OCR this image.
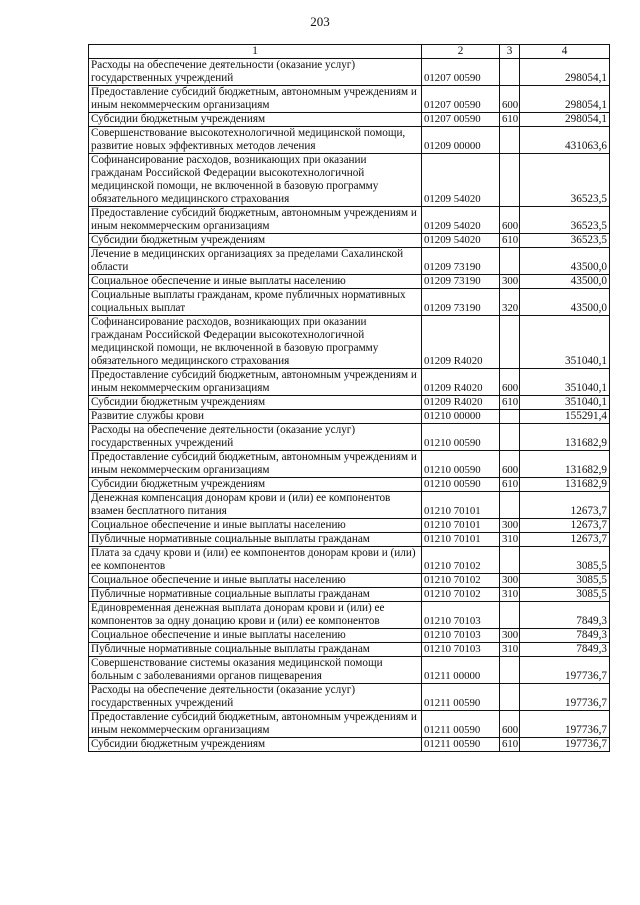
203
1	2	3	4
Расходы на обеспечение деятельности (оказание услуг) государственных учреждений	01207 00590		298054,1
Предоставление субсидий бюджетным, автономным учреждениям и иным некоммерческим организациям	01207 00590	600	298054,1
Субсидии бюджетным учреждениям	01207 00590	610	298054,1
Совершенствование высокотехнологичной медицинской помощи, развитие новых эффективных методов лечения	01209 00000		431063,6
Софинансирование расходов, возникающих при оказании гражданам Российской Федерации высокотехнологичной медицинской помощи, не включенной в базовую программу обязательного медицинского страхования	01209 54020		36523,5
Предоставление субсидий бюджетным, автономным учреждениям и иным некоммерческим организациям	01209 54020	600	36523,5
Субсидии бюджетным учреждениям	01209 54020	610	36523,5
Лечение в медицинских организациях за пределами Сахалинской области	01209 73190		43500,0
Социальное обеспечение и иные выплаты населению	01209 73190	300	43500,0
Социальные выплаты гражданам, кроме публичных нормативных социальных выплат	01209 73190	320	43500,0
Софинансирование расходов, возникающих при оказании гражданам Российской Федерации высокотехнологичной медицинской помощи, не включенной в базовую программу обязательного медицинского страхования	01209 R4020		351040,1
Предоставление субсидий бюджетным, автономным учреждениям и иным некоммерческим организациям	01209 R4020	600	351040,1
Субсидии бюджетным учреждениям	01209 R4020	610	351040,1
Развитие службы крови	01210 00000		155291,4
Расходы на обеспечение деятельности (оказание услуг) государственных учреждений	01210 00590		131682,9
Предоставление субсидий бюджетным, автономным учреждениям и иным некоммерческим организациям	01210 00590	600	131682,9
Субсидии бюджетным учреждениям	01210 00590	610	131682,9
Денежная компенсация донорам крови и (или) ее компонентов взамен бесплатного питания	01210 70101		12673,7
Социальное обеспечение и иные выплаты населению	01210 70101	300	12673,7
Публичные нормативные социальные выплаты гражданам	01210 70101	310	12673,7
Плата за сдачу крови и (или) ее компонентов донорам крови и (или) ее компонентов	01210 70102		3085,5
Социальное обеспечение и иные выплаты населению	01210 70102	300	3085,5
Публичные нормативные социальные выплаты гражданам	01210 70102	310	3085,5
Единовременная денежная выплата донорам крови и (или) ее компонентов за одну донацию крови и (или) ее компонентов	01210 70103		7849,3
Социальное обеспечение и иные выплаты населению	01210 70103	300	7849,3
Публичные нормативные социальные выплаты гражданам	01210 70103	310	7849,3
Совершенствование системы оказания медицинской помощи больным с заболеваниями органов пищеварения	01211 00000		197736,7
Расходы на обеспечение деятельности (оказание услуг) государственных учреждений	01211 00590		197736,7
Предоставление субсидий бюджетным, автономным учреждениям и иным некоммерческим организациям	01211 00590	600	197736,7
Субсидии бюджетным учреждениям	01211 00590	610	197736,7
